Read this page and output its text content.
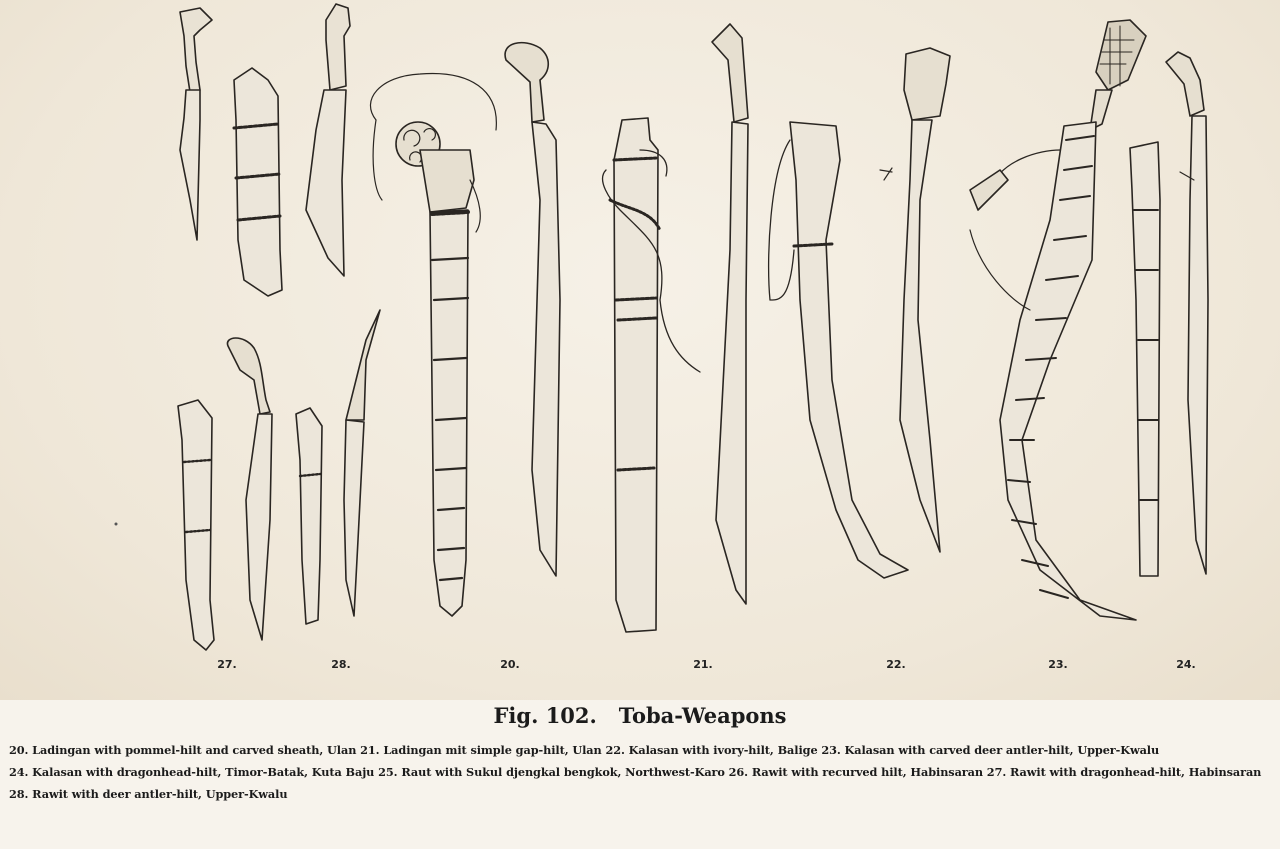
27.	28.	20.	21.	22.	23.	24.
Fig. 102.   Toba-Weapons
20. Ladingan with pommel-hilt and carved sheath, Ulan 21. Ladingan mit simple gap-hilt, Ulan 22. Kalasan with ivory-hilt, Balige 23. Kalasan with carved deer antler-hilt, Upper-Kwalu
24. Kalasan with dragonhead-hilt, Timor-Batak, Kuta Baju 25. Raut with Sukul djengkal bengkok, Northwest-Karo 26. Rawit with recurved hilt, Habinsaran 27. Rawit with dragonhead-hilt, Habinsaran
28. Rawit with deer antler-hilt, Upper-Kwalu
